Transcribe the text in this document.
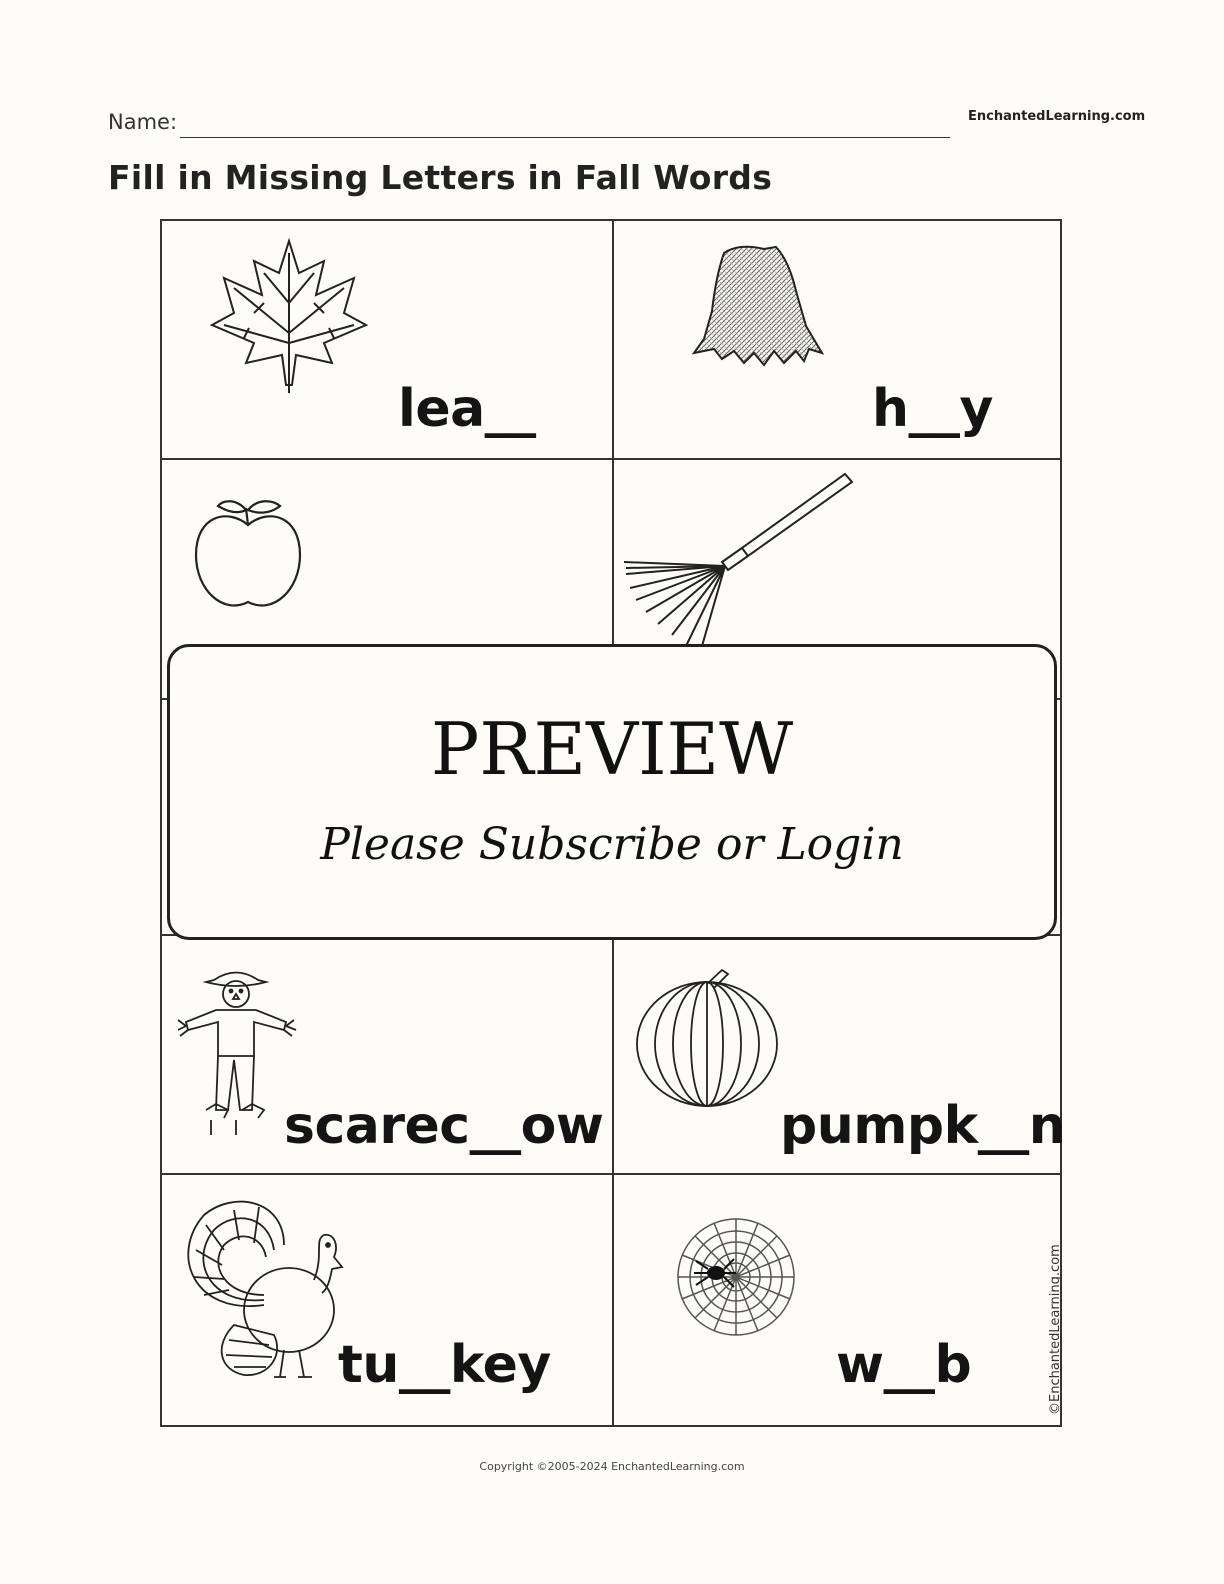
Name:	EnchantedLearning.com
Fill in Missing Letters in Fall Words
lea__	h__y
scarec__ow	pumpk__n
tu__key	w__b
PREVIEW
Please Subscribe or Login
©EnchantedLearning.com
Copyright ©2005-2024 EnchantedLearning.com
